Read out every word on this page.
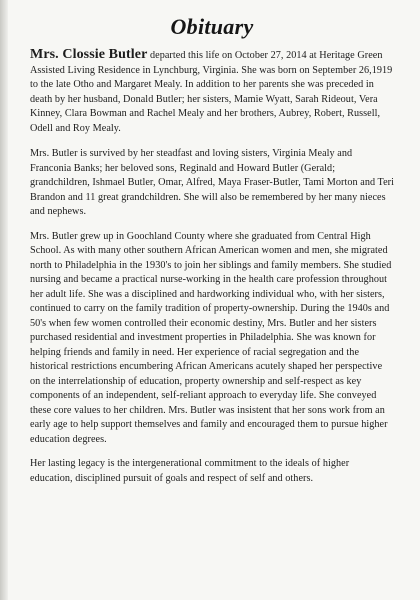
Obituary

Mrs. Clossie Butler departed this life on October 27, 2014 at Heritage Green Assisted Living Residence in Lynchburg, Virginia. She was born on September 26,1919 to the late Otho and Margaret Mealy. In addition to her parents she was preceded in death by her husband, Donald Butler; her sisters, Mamie Wyatt, Sarah Rideout, Vera Kinney, Clara Bowman and Rachel Mealy and her brothers, Aubrey, Robert, Russell, Odell and Roy Mealy.

Mrs. Butler is survived by her steadfast and loving sisters, Virginia Mealy and Franconia Banks; her beloved sons, Reginald and Howard Butler (Gerald; grandchildren, Ishmael Butler, Omar, Alfred, Maya Fraser-Butler, Tami Morton and Teri Brandon and 11 great grandchildren. She will also be remembered by her many nieces and nephews.

Mrs. Butler grew up in Goochland County where she graduated from Central High School. As with many other southern African American women and men, she migrated north to Philadelphia in the 1930's to join her siblings and family members. She studied nursing and became a practical nurse-working in the health care profession throughout her adult life. She was a disciplined and hardworking individual who, with her sisters, continued to carry on the family tradition of property-ownership. During the 1940s and 50's when few women controlled their economic destiny, Mrs. Butler and her sisters purchased residential and investment properties in Philadelphia. She was known for helping friends and family in need. Her experience of racial segregation and the historical restrictions encumbering African Americans acutely shaped her perspective on the interrelationship of education, property ownership and self-respect as key components of an independent, self-reliant approach to everyday life. She conveyed these core values to her children. Mrs. Butler was insistent that her sons work from an early age to help support themselves and family and encouraged them to pursue higher education degrees.

Her lasting legacy is the intergenerational commitment to the ideals of higher education, disciplined pursuit of goals and respect of self and others.
